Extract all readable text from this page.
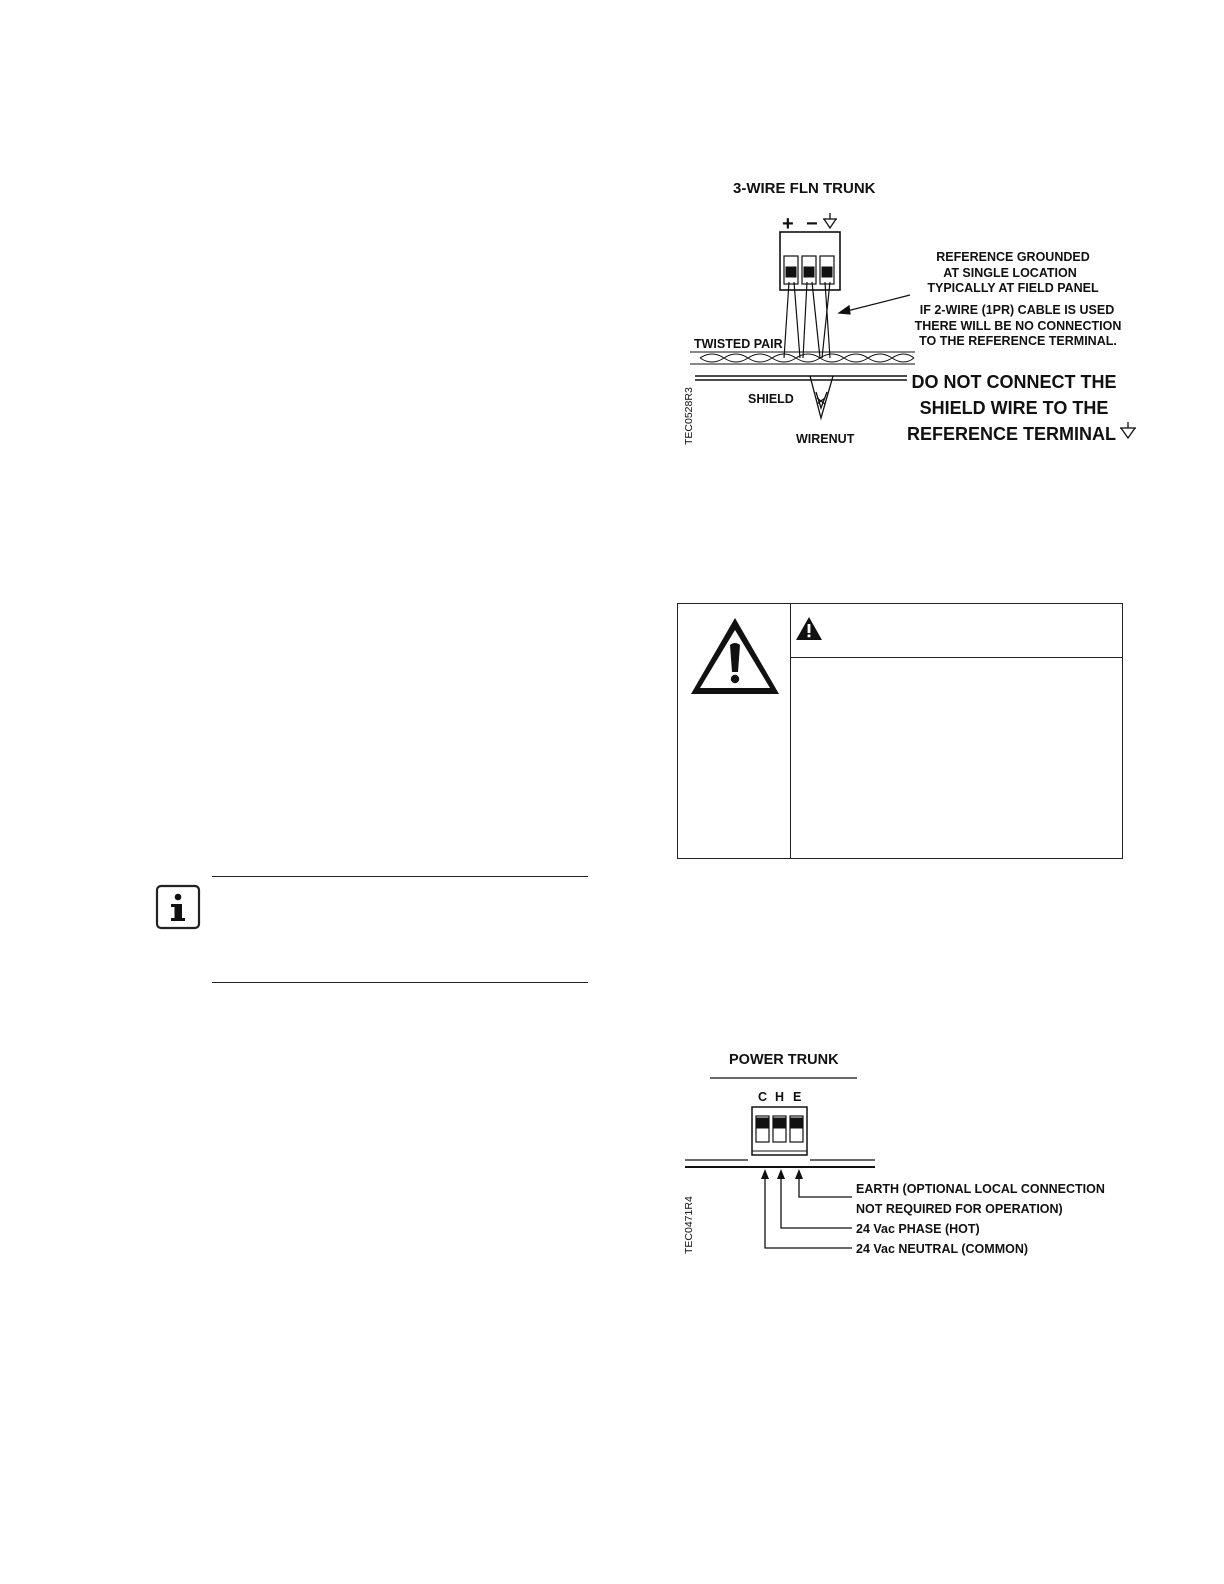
3-WIRE FLN TRUNK
+ −
REFERENCE GROUNDED
AT SINGLE LOCATION
TYPICALLY AT FIELD PANEL
IF 2-WIRE (1PR) CABLE IS USED
THERE WILL BE NO CONNECTION
TO THE REFERENCE TERMINAL.
TWISTED PAIR
SHIELD
WIRENUT
DO NOT CONNECT THE
SHIELD WIRE TO THE
REFERENCE TERMINAL
TEC0528R3
POWER TRUNK
C H E
EARTH (OPTIONAL LOCAL CONNECTION
NOT REQUIRED FOR OPERATION)
24 Vac PHASE (HOT)
24 Vac NEUTRAL (COMMON)
TEC0471R4
